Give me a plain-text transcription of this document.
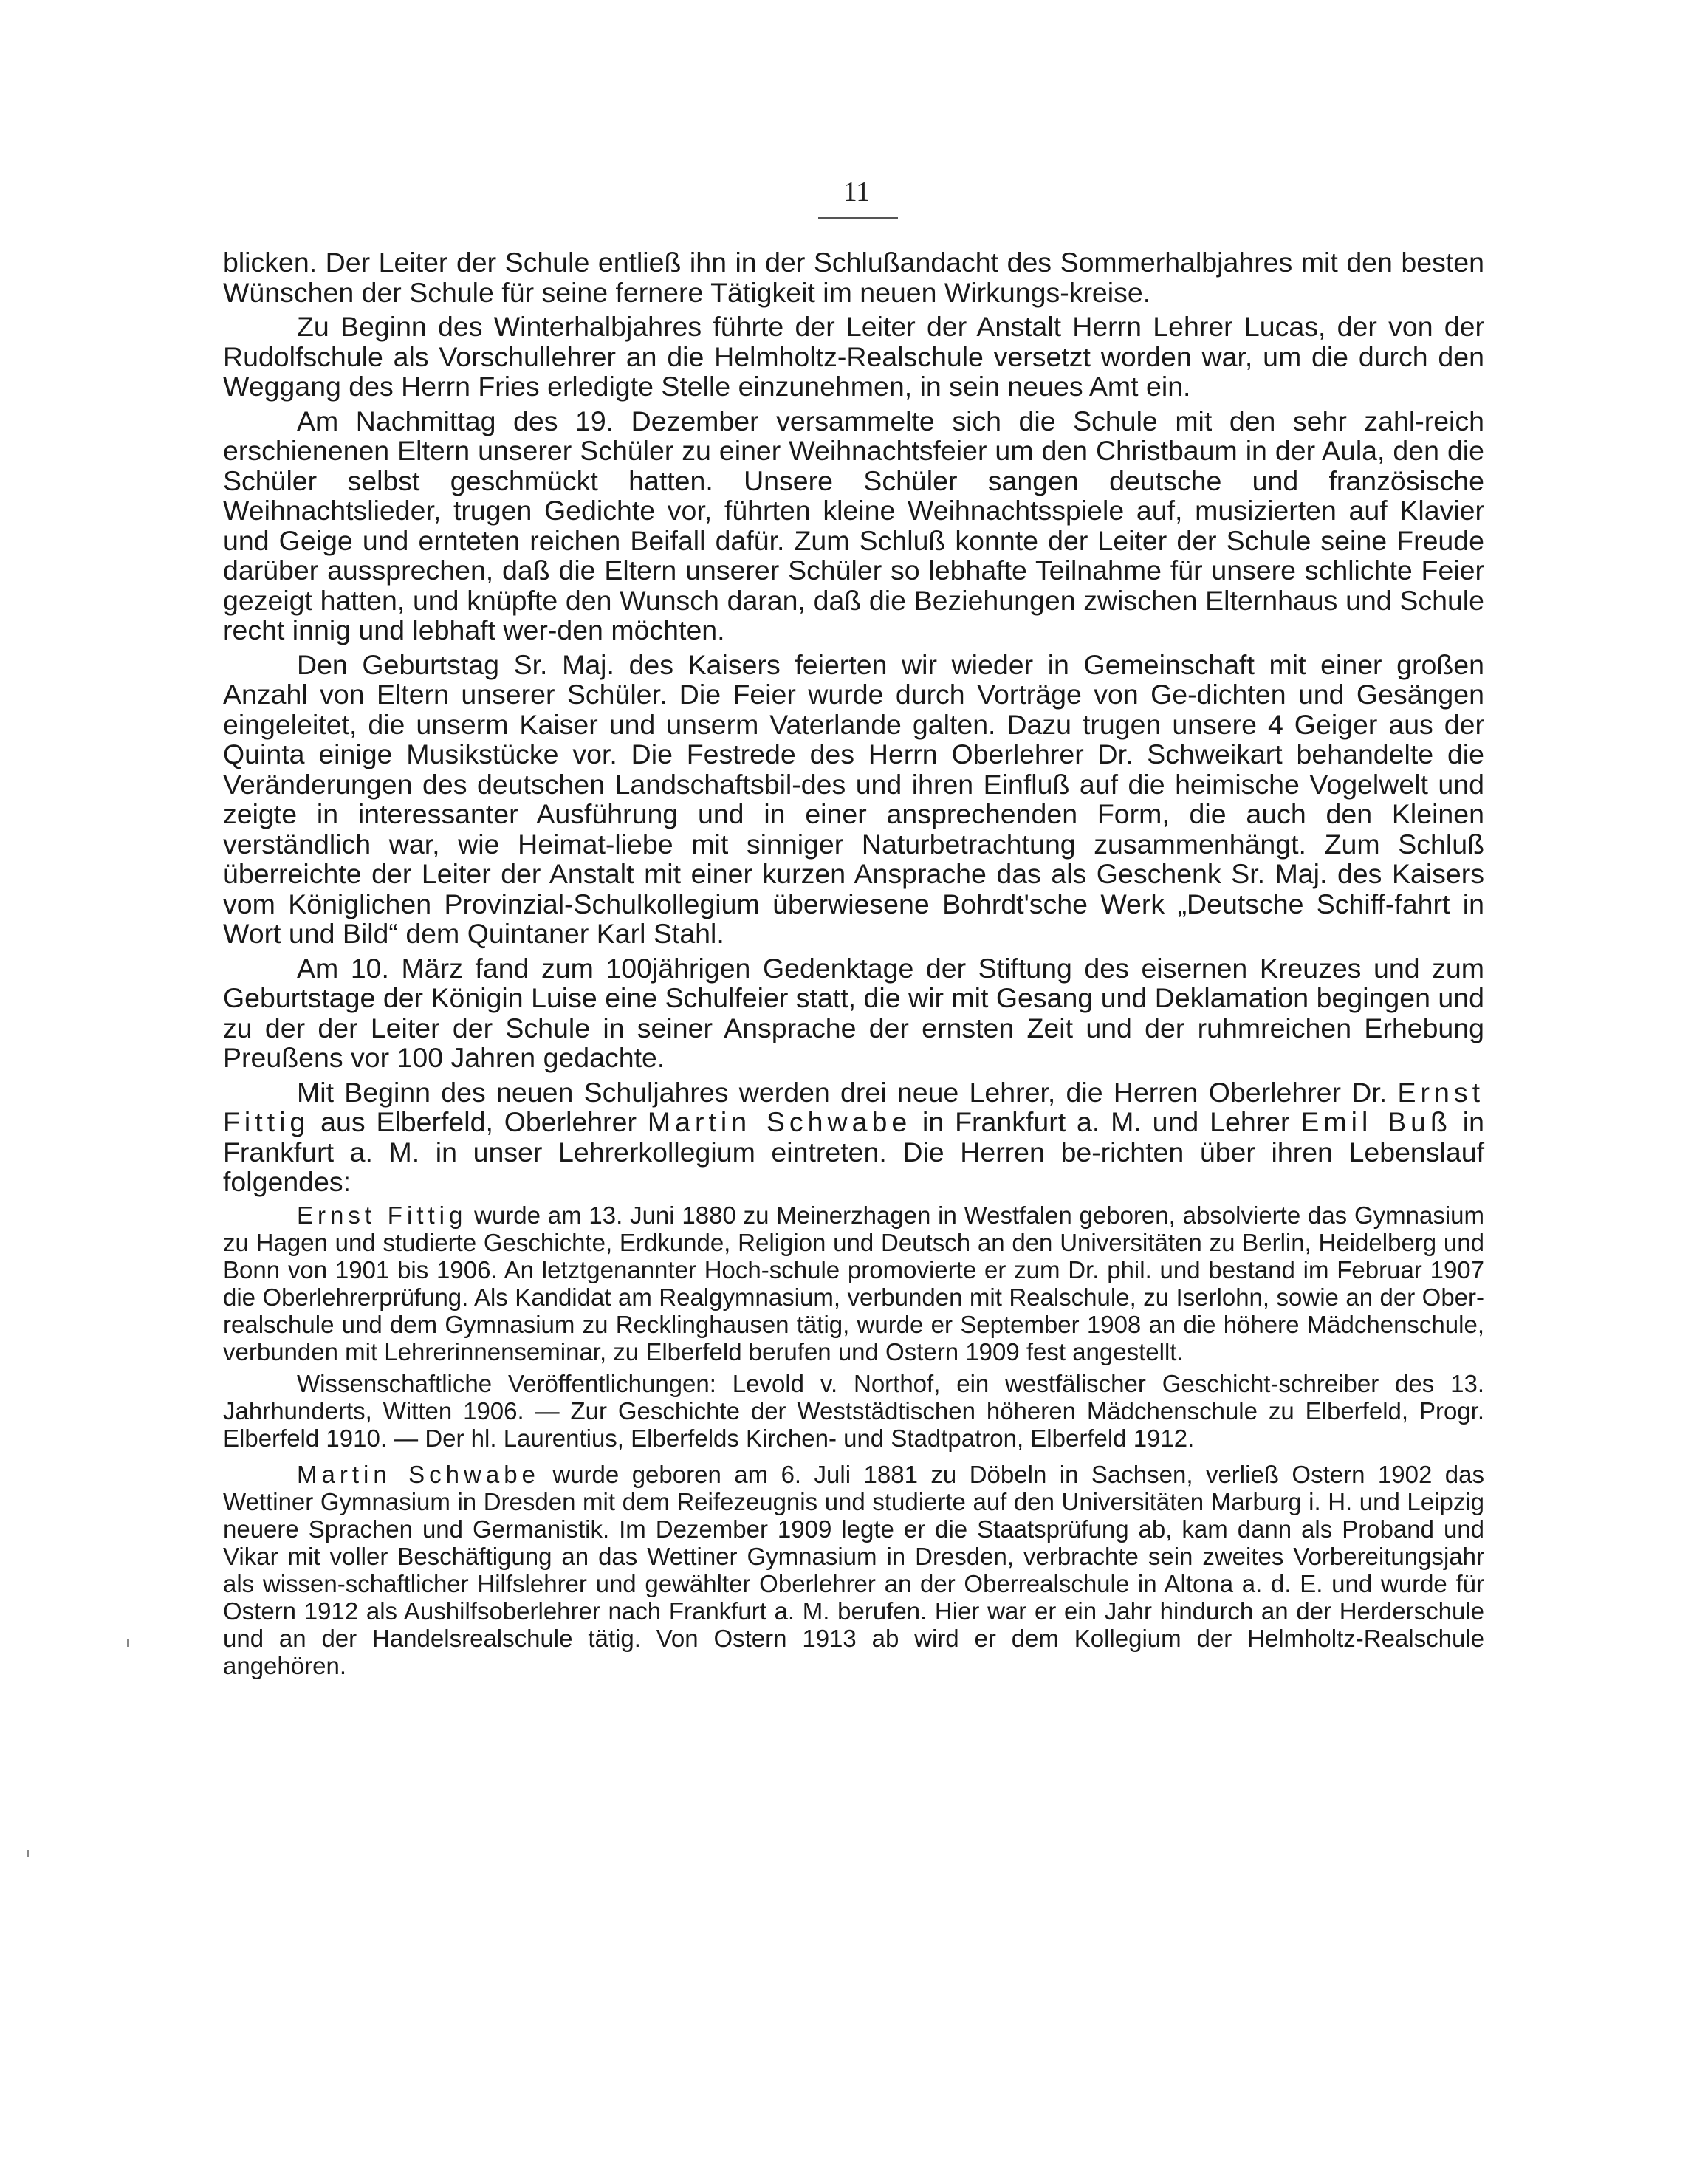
11

blicken. Der Leiter der Schule entließ ihn in der Schlußandacht des Sommerhalbjahres mit den besten Wünschen der Schule für seine fernere Tätigkeit im neuen Wirkungs-kreise.

Zu Beginn des Winterhalbjahres führte der Leiter der Anstalt Herrn Lehrer Lucas, der von der Rudolfschule als Vorschullehrer an die Helmholtz-Realschule versetzt worden war, um die durch den Weggang des Herrn Fries erledigte Stelle einzunehmen, in sein neues Amt ein.

Am Nachmittag des 19. Dezember versammelte sich die Schule mit den sehr zahl-reich erschienenen Eltern unserer Schüler zu einer Weihnachtsfeier um den Christbaum in der Aula, den die Schüler selbst geschmückt hatten. Unsere Schüler sangen deutsche und französische Weihnachtslieder, trugen Gedichte vor, führten kleine Weihnachtsspiele auf, musizierten auf Klavier und Geige und ernteten reichen Beifall dafür. Zum Schluß konnte der Leiter der Schule seine Freude darüber aussprechen, daß die Eltern unserer Schüler so lebhafte Teilnahme für unsere schlichte Feier gezeigt hatten, und knüpfte den Wunsch daran, daß die Beziehungen zwischen Elternhaus und Schule recht innig und lebhaft wer-den möchten.

Den Geburtstag Sr. Maj. des Kaisers feierten wir wieder in Gemeinschaft mit einer großen Anzahl von Eltern unserer Schüler. Die Feier wurde durch Vorträge von Ge-dichten und Gesängen eingeleitet, die unserm Kaiser und unserm Vaterlande galten. Dazu trugen unsere 4 Geiger aus der Quinta einige Musikstücke vor. Die Festrede des Herrn Oberlehrer Dr. Schweikart behandelte die Veränderungen des deutschen Landschaftsbil-des und ihren Einfluß auf die heimische Vogelwelt und zeigte in interessanter Ausführung und in einer ansprechenden Form, die auch den Kleinen verständlich war, wie Heimat-liebe mit sinniger Naturbetrachtung zusammenhängt. Zum Schluß überreichte der Leiter der Anstalt mit einer kurzen Ansprache das als Geschenk Sr. Maj. des Kaisers vom Königlichen Provinzial-Schulkollegium überwiesene Bohrdt'sche Werk „Deutsche Schiff-fahrt in Wort und Bild“ dem Quintaner Karl Stahl.

Am 10. März fand zum 100jährigen Gedenktage der Stiftung des eisernen Kreuzes und zum Geburtstage der Königin Luise eine Schulfeier statt, die wir mit Gesang und Deklamation begingen und zu der der Leiter der Schule in seiner Ansprache der ernsten Zeit und der ruhmreichen Erhebung Preußens vor 100 Jahren gedachte.

Mit Beginn des neuen Schuljahres werden drei neue Lehrer, die Herren Oberlehrer Dr. Ernst Fittig aus Elberfeld, Oberlehrer Martin Schwabe in Frankfurt a. M. und Lehrer Emil Buß in Frankfurt a. M. in unser Lehrerkollegium eintreten. Die Herren be-richten über ihren Lebenslauf folgendes:

Ernst Fittig wurde am 13. Juni 1880 zu Meinerzhagen in Westfalen geboren, absolvierte das Gymnasium zu Hagen und studierte Geschichte, Erdkunde, Religion und Deutsch an den Universitäten zu Berlin, Heidelberg und Bonn von 1901 bis 1906. An letztgenannter Hoch-schule promovierte er zum Dr. phil. und bestand im Februar 1907 die Oberlehrerprüfung. Als Kandidat am Realgymnasium, verbunden mit Realschule, zu Iserlohn, sowie an der Ober-realschule und dem Gymnasium zu Recklinghausen tätig, wurde er September 1908 an die höhere Mädchenschule, verbunden mit Lehrerinnenseminar, zu Elberfeld berufen und Ostern 1909 fest angestellt.

Wissenschaftliche Veröffentlichungen: Levold v. Northof, ein westfälischer Geschicht-schreiber des 13. Jahrhunderts, Witten 1906. — Zur Geschichte der Weststädtischen höheren Mädchenschule zu Elberfeld, Progr. Elberfeld 1910. — Der hl. Laurentius, Elberfelds Kirchen- und Stadtpatron, Elberfeld 1912.

Martin Schwabe wurde geboren am 6. Juli 1881 zu Döbeln in Sachsen, verließ Ostern 1902 das Wettiner Gymnasium in Dresden mit dem Reifezeugnis und studierte auf den Universitäten Marburg i. H. und Leipzig neuere Sprachen und Germanistik. Im Dezember 1909 legte er die Staatsprüfung ab, kam dann als Proband und Vikar mit voller Beschäftigung an das Wettiner Gymnasium in Dresden, verbrachte sein zweites Vorbereitungsjahr als wissen-schaftlicher Hilfslehrer und gewählter Oberlehrer an der Oberrealschule in Altona a. d. E. und wurde für Ostern 1912 als Aushilfsoberlehrer nach Frankfurt a. M. berufen. Hier war er ein Jahr hindurch an der Herderschule und an der Handelsrealschule tätig. Von Ostern 1913 ab wird er dem Kollegium der Helmholtz-Realschule angehören.
